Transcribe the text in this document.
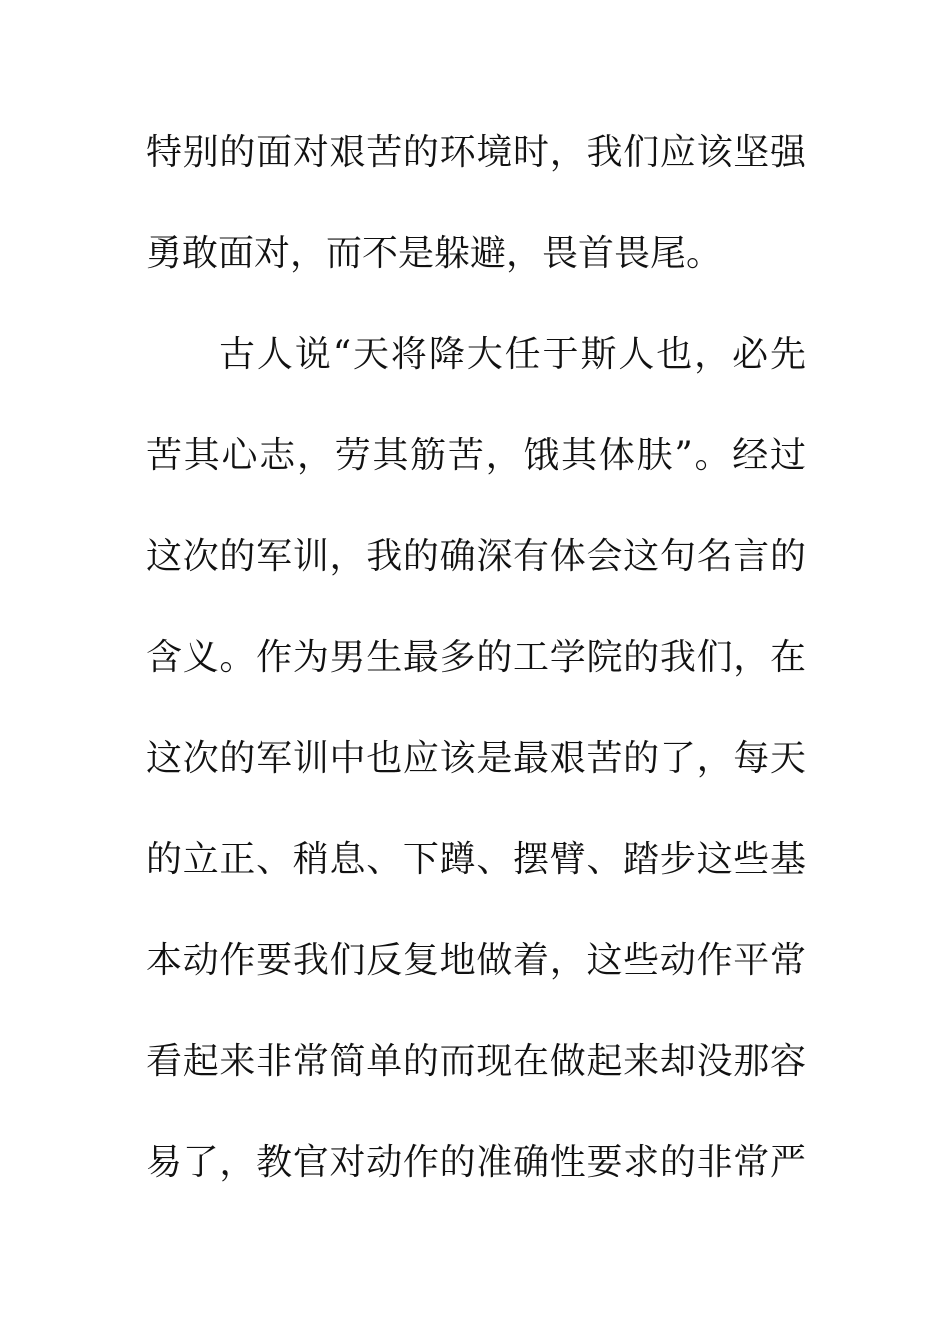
特别的面对艰苦的环境时，我们应该坚强
勇敢面对，而不是躲避，畏首畏尾。
古人说“天将降大任于斯人也，必先
苦其心志，劳其筋苦，饿其体肤”。经过
这次的军训，我的确深有体会这句名言的
含义。作为男生最多的工学院的我们，在
这次的军训中也应该是最艰苦的了，每天
的立正、稍息、下蹲、摆臂、踏步这些基
本动作要我们反复地做着，这些动作平常
看起来非常简单的而现在做起来却没那容
易了，教官对动作的准确性要求的非常严
